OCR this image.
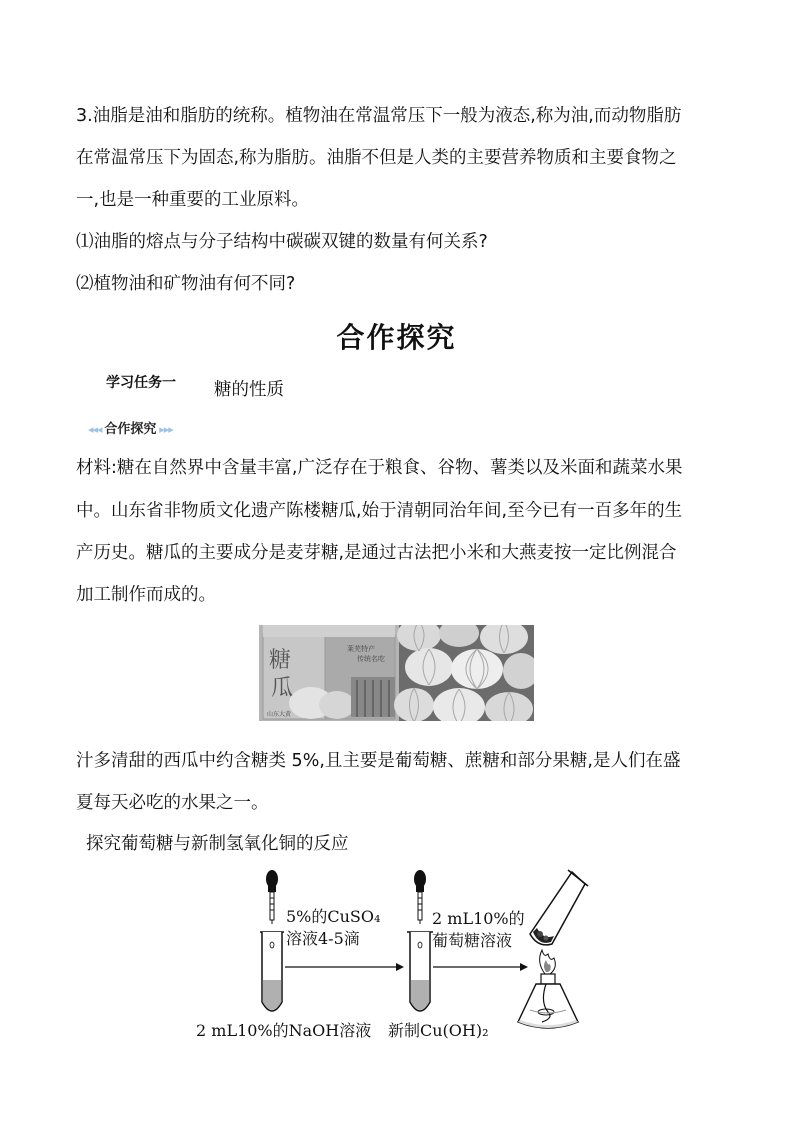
3.油脂是油和脂肪的统称。植物油在常温常压下一般为液态,称为油,而动物脂肪
在常温常压下为固态,称为脂肪。油脂不但是人类的主要营养物质和主要食物之
一,也是一种重要的工业原料。
⑴油脂的熔点与分子结构中碳碳双键的数量有何关系?
⑵植物油和矿物油有何不同?
合作探究
学习任务一 糖的性质
◂◂◂ 合作探究 ▸▸▸
材料:糖在自然界中含量丰富,广泛存在于粮食、谷物、薯类以及米面和蔬菜水果
中。山东省非物质文化遗产陈楼糖瓜,始于清朝同治年间,至今已有一百多年的生
产历史。糖瓜的主要成分是麦芽糖,是通过古法把小米和大燕麦按一定比例混合
加工制作而成的。
糖
瓜
莱芜特产
传统名吃
山东大黄
汁多清甜的西瓜中约含糖类 5%,且主要是葡萄糖、蔗糖和部分果糖,是人们在盛
夏每天必吃的水果之一。
探究葡萄糖与新制氢氧化铜的反应
5%的CuSO₄
溶液4-5滴
2 mL10%的
葡萄糖溶液
2 mL10%的NaOH溶液 新制Cu(OH)₂
